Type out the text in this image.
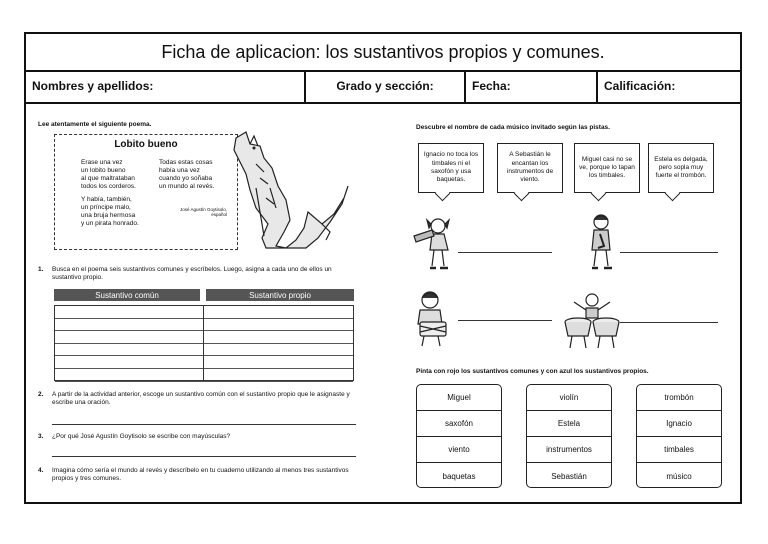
Ficha de aplicacion: los sustantivos propios y comunes.
Nombres y apellidos:	Grado y sección:	Fecha:	Calificación:
Lee atentamente el siguiente poema.
Lobito bueno
Erase una vez
un lobito bueno
al que maltrataban
todos los corderos.
Y había, también,
un príncipe malo,
una bruja hermosa
y un pirata honrado.
Todas estas cosas
había una vez
cuando yo soñaba
un mundo al revés.
José Agustín Goytisolo,
español
1. Busca en el poema seis sustantivos comunes y escríbelos. Luego, asigna a cada uno de ellos un sustantivo propio.
Sustantivo común	Sustantivo propio
2. A partir de la actividad anterior, escoge un sustantivo común con el sustantivo propio que le asignaste y escribe una oración.
3. ¿Por qué José Agustín Goytisolo se escribe con mayúsculas?
4. Imagina cómo sería el mundo al revés y descríbelo en tu cuaderno utilizando al menos tres sustantivos propios y tres comunes.
Descubre el nombre de cada músico invitado según las pistas.
Ignacio no toca los timbales ni el saxofón y usa baquetas.
A Sebastián le encantan los instrumentos de viento.
Miguel casi no se ve, porque lo tapan los timbales.
Estela es delgada, pero sopla muy fuerte el trombón.
Pinta con rojo los sustantivos comunes y con azul los sustantivos propios.
Miguel
saxofón
viento
baquetas
violín
Estela
instrumentos
Sebastián
trombón
Ignacio
timbales
músico
